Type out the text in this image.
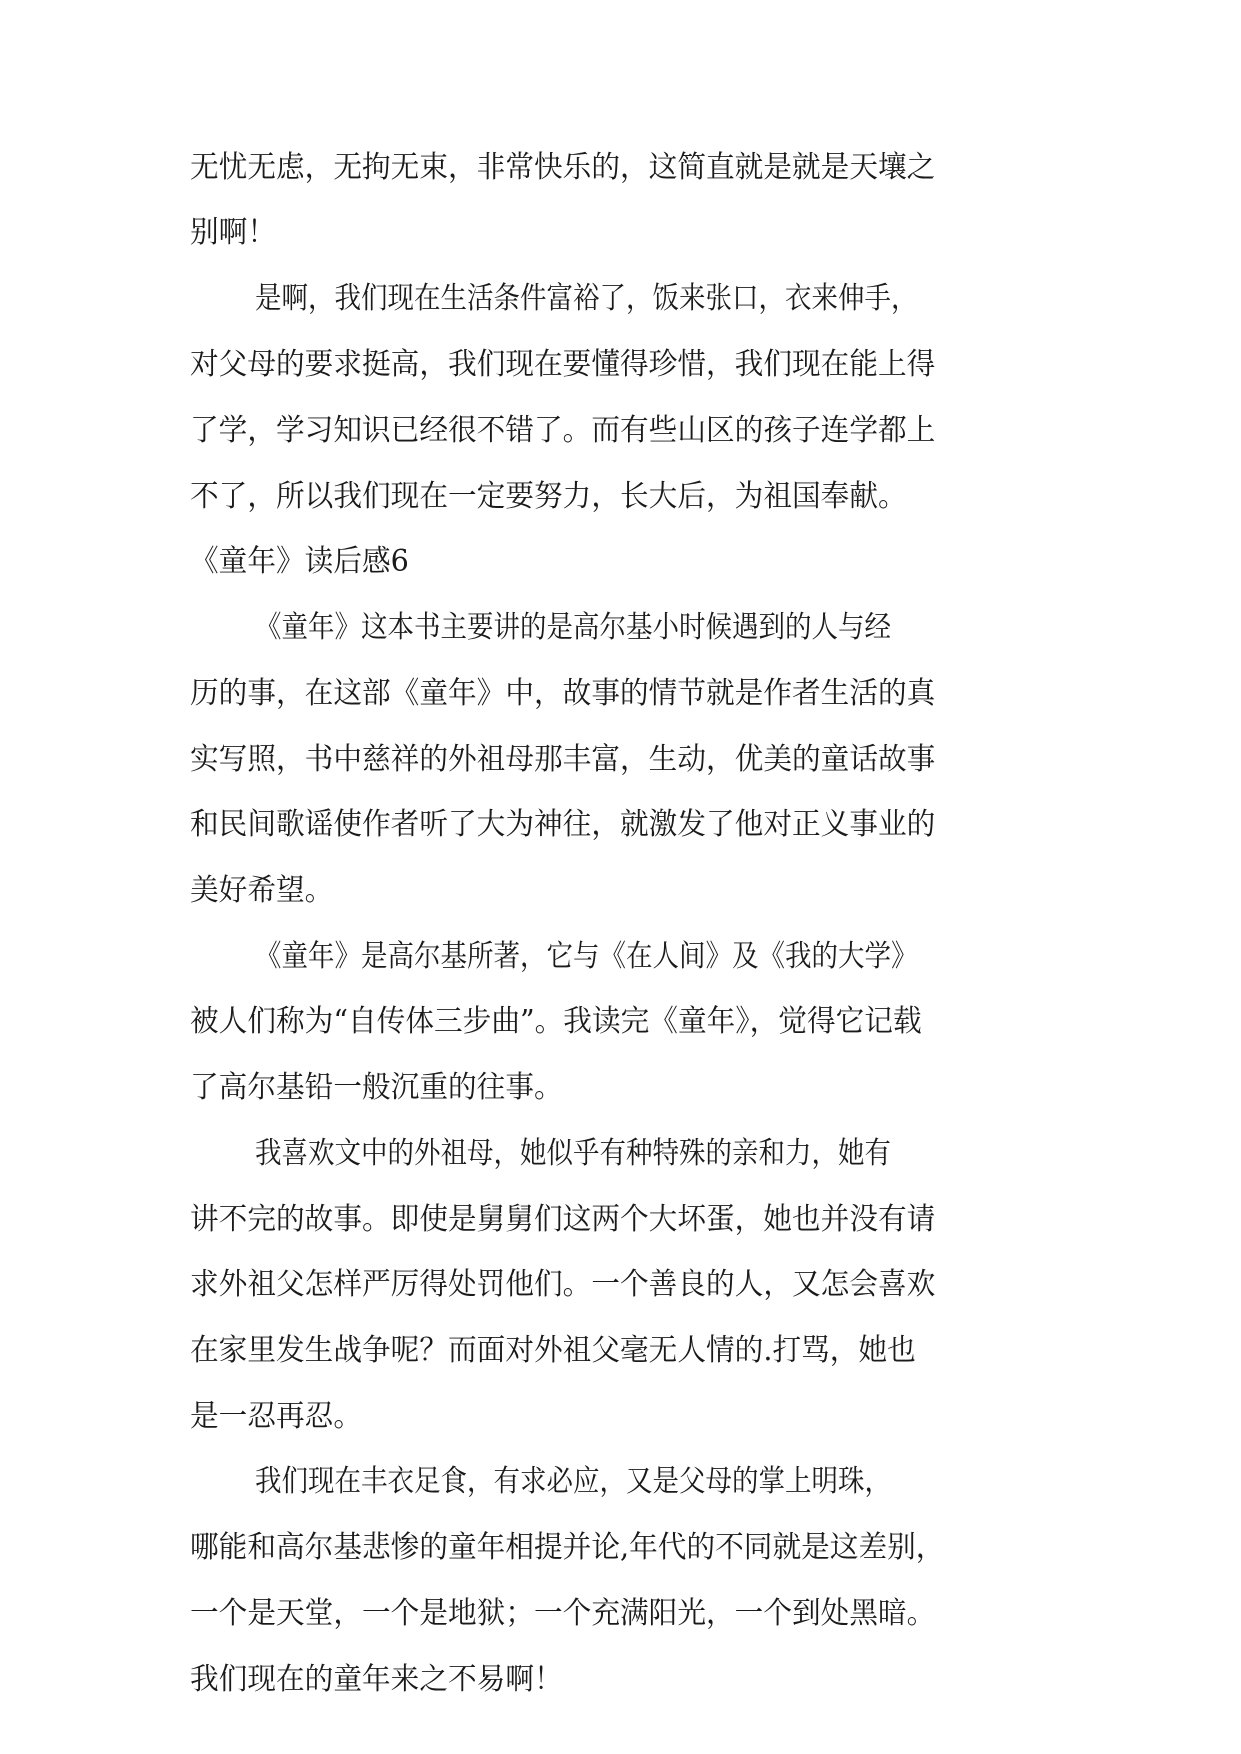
无忧无虑，无拘无束，非常快乐的，这简直就是就是天壤之
别啊！
是啊，我们现在生活条件富裕了，饭来张口，衣来伸手，
对父母的要求挺高，我们现在要懂得珍惜，我们现在能上得
了学，学习知识已经很不错了。而有些山区的孩子连学都上
不了，所以我们现在一定要努力，长大后，为祖国奉献。
《童年》读后感6
《童年》这本书主要讲的是高尔基小时候遇到的人与经
历的事，在这部《童年》中，故事的情节就是作者生活的真
实写照，书中慈祥的外祖母那丰富，生动，优美的童话故事
和民间歌谣使作者听了大为神往，就激发了他对正义事业的
美好希望。
《童年》是高尔基所著，它与《在人间》及《我的大学》
被人们称为“自传体三步曲”。我读完《童年》，觉得它记载
了高尔基铅一般沉重的往事。
我喜欢文中的外祖母，她似乎有种特殊的亲和力，她有
讲不完的故事。即使是舅舅们这两个大坏蛋，她也并没有请
求外祖父怎样严厉得处罚他们。一个善良的人，又怎会喜欢
在家里发生战争呢？而面对外祖父毫无人情的.打骂，她也
是一忍再忍。
我们现在丰衣足食，有求必应，又是父母的掌上明珠，
哪能和高尔基悲惨的童年相提并论,年代的不同就是这差别，
一个是天堂，一个是地狱；一个充满阳光，一个到处黑暗。
我们现在的童年来之不易啊！
